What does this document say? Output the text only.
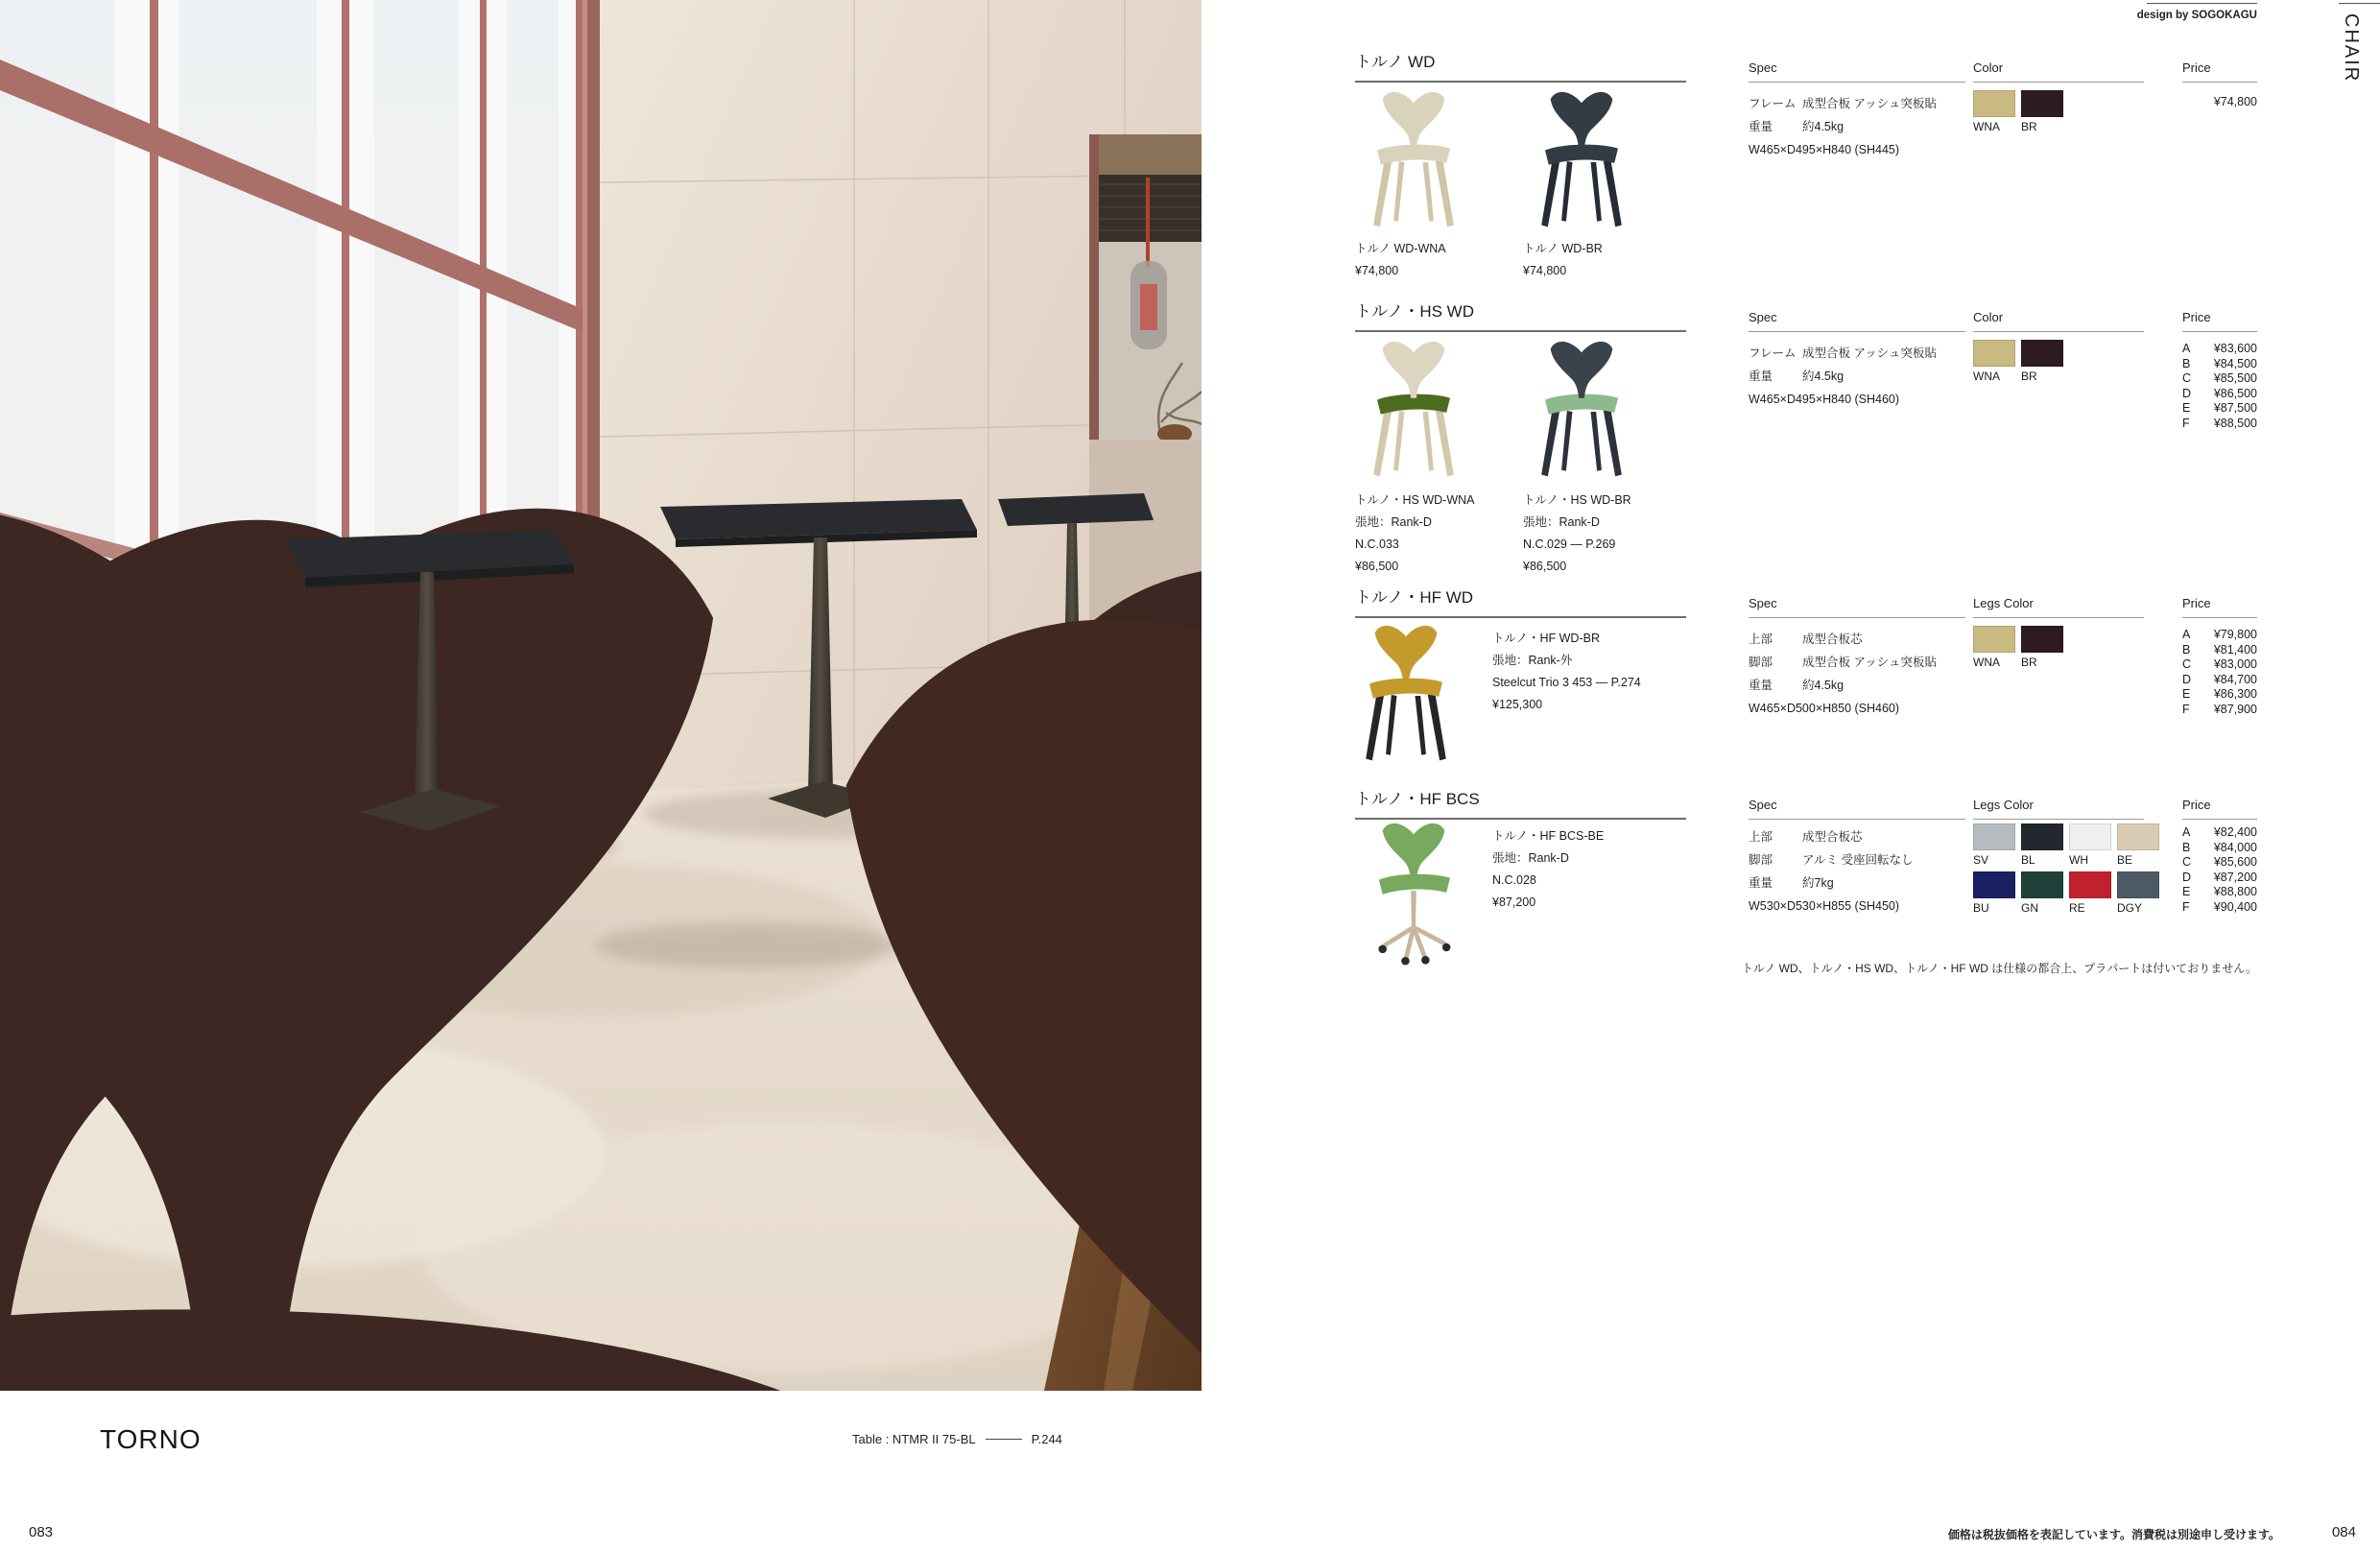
TORNO	Table : NTMR II 75-BL	P.244
083	084
価格は税抜価格を表記しています。消費税は別途申し受けます。
design by SOGOKAGU	CHAIR
トルノ WD	Spec	Color	Price
トルノ WD-WNA
¥74,800
トルノ WD-BR
¥74,800
フレーム 成型合板 アッシュ突板貼
重量 約4.5kg
W465×D495×H840 (SH445)
WNA	BR
¥74,800
トルノ・HS WD	Spec	Color	Price
トルノ・HS WD-WNA
張地：Rank-D
N.C.033
¥86,500
トルノ・HS WD-BR
張地：Rank-D
N.C.029 — P.269
¥86,500
フレーム 成型合板 アッシュ突板貼
重量 約4.5kg
W465×D495×H840 (SH460)
WNA	BR
A ¥83,600
B ¥84,500
C ¥85,500
D ¥86,500
E ¥87,500
F ¥88,500
トルノ・HF WD	Spec	Legs Color	Price
トルノ・HF WD-BR
張地：Rank-外
Steelcut Trio 3 453 — P.274
¥125,300
上部 成型合板芯
脚部 成型合板 アッシュ突板貼
重量 約4.5kg
W465×D500×H850 (SH460)
WNA	BR
A ¥79,800
B ¥81,400
C ¥83,000
D ¥84,700
E ¥86,300
F ¥87,900
トルノ・HF BCS	Spec	Legs Color	Price
トルノ・HF BCS-BE
張地：Rank-D
N.C.028
¥87,200
上部 成型合板芯
脚部 アルミ 受座回転なし
重量 約7kg
W530×D530×H855 (SH450)
SV	BL	WH	BE
BU	GN	RE	DGY
A ¥82,400
B ¥84,000
C ¥85,600
D ¥87,200
E ¥88,800
F ¥90,400
トルノ WD、トルノ・HS WD、トルノ・HF WD は仕様の都合上、プラパートは付いておりません。
